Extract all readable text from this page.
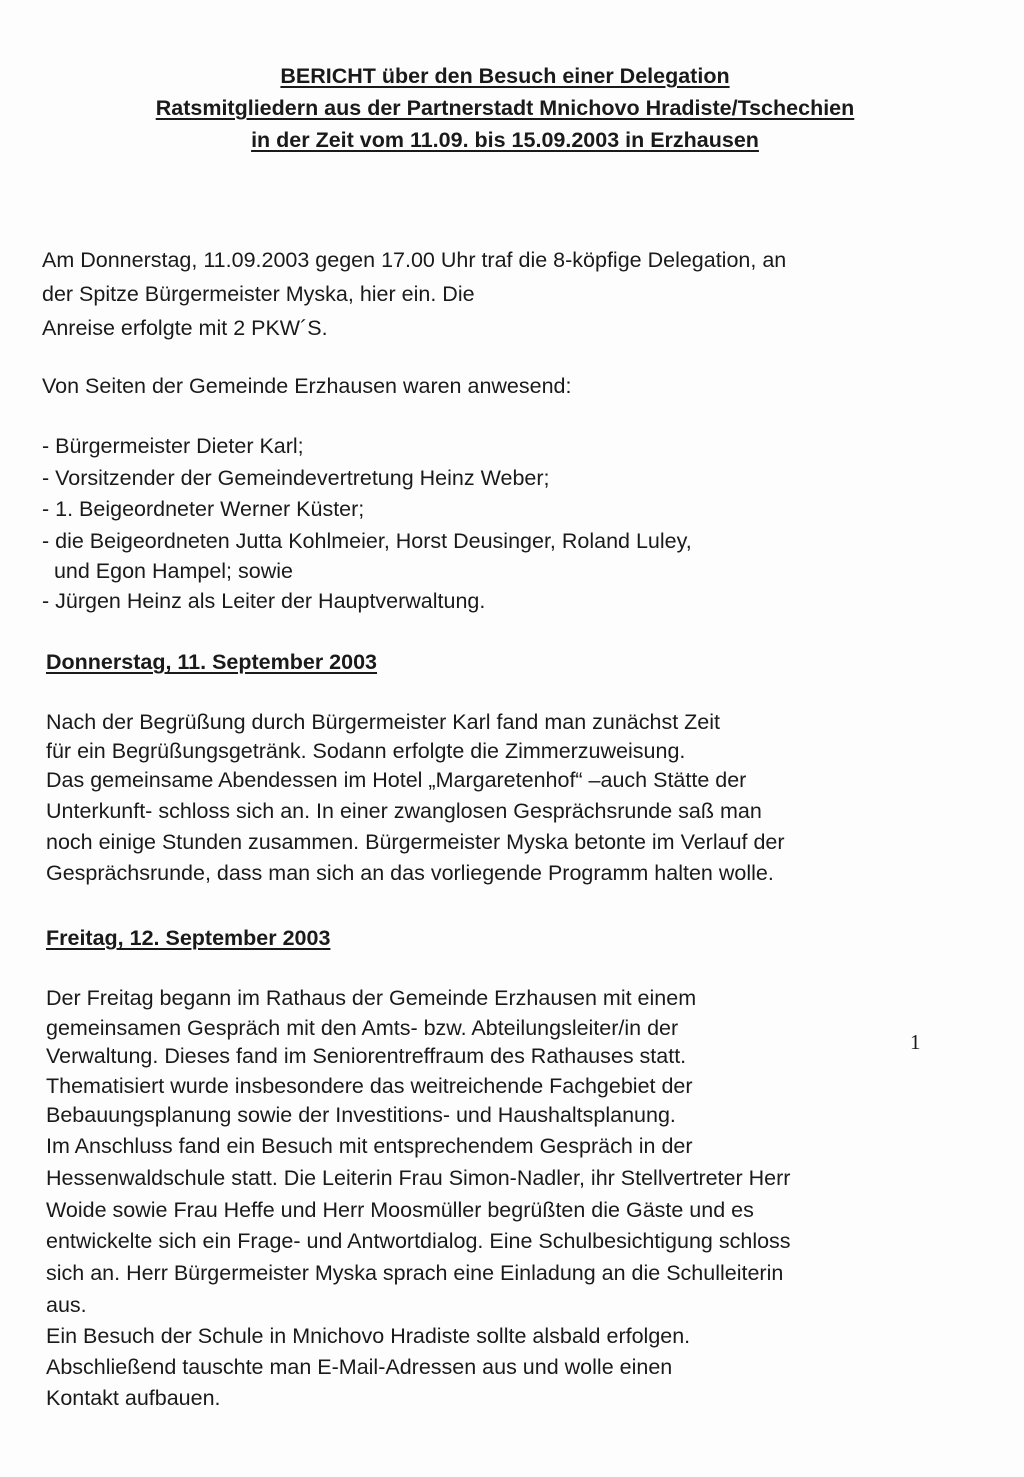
BERICHT über den Besuch einer Delegation
Ratsmitgliedern aus der Partnerstadt Mnichovo Hradiste/Tschechien
in der Zeit vom 11.09. bis 15.09.2003 in Erzhausen
Am Donnerstag, 11.09.2003 gegen 17.00 Uhr traf die 8-köpfige Delegation, an
der Spitze Bürgermeister Myska, hier ein. Die
Anreise erfolgte mit 2 PKW´S.
Von Seiten der Gemeinde Erzhausen waren anwesend:
- Bürgermeister Dieter Karl;
- Vorsitzender der Gemeindevertretung Heinz Weber;
- 1. Beigeordneter Werner Küster;
- die Beigeordneten Jutta Kohlmeier, Horst Deusinger, Roland Luley,
und Egon Hampel; sowie
- Jürgen Heinz als Leiter der Hauptverwaltung.
Donnerstag, 11. September 2003
Nach der Begrüßung durch Bürgermeister Karl fand man zunächst Zeit
für ein Begrüßungsgetränk. Sodann erfolgte die Zimmerzuweisung.
Das gemeinsame Abendessen im Hotel „Margaretenhof“ –auch Stätte der
Unterkunft- schloss sich an. In einer zwanglosen Gesprächsrunde saß man
noch einige Stunden zusammen. Bürgermeister Myska betonte im Verlauf der
Gesprächsrunde, dass man sich an das vorliegende Programm halten wolle.
Freitag, 12. September 2003
Der Freitag begann im Rathaus der Gemeinde Erzhausen mit einem
gemeinsamen Gespräch mit den Amts- bzw. Abteilungsleiter/in der
Verwaltung. Dieses fand im Seniorentreffraum des Rathauses statt.
Thematisiert wurde insbesondere das weitreichende Fachgebiet der
Bebauungsplanung sowie der Investitions- und Haushaltsplanung.
Im Anschluss fand ein Besuch mit entsprechendem Gespräch in der
Hessenwaldschule statt. Die Leiterin Frau Simon-Nadler, ihr Stellvertreter Herr
Woide sowie Frau Heffe und Herr Moosmüller begrüßten die Gäste und es
entwickelte sich ein Frage- und Antwortdialog. Eine Schulbesichtigung schloss
sich an. Herr Bürgermeister Myska sprach eine Einladung an die Schulleiterin
aus.
Ein Besuch der Schule in Mnichovo Hradiste sollte alsbald erfolgen.
Abschließend tauschte man E-Mail-Adressen aus und wolle einen
Kontakt aufbauen.
1
